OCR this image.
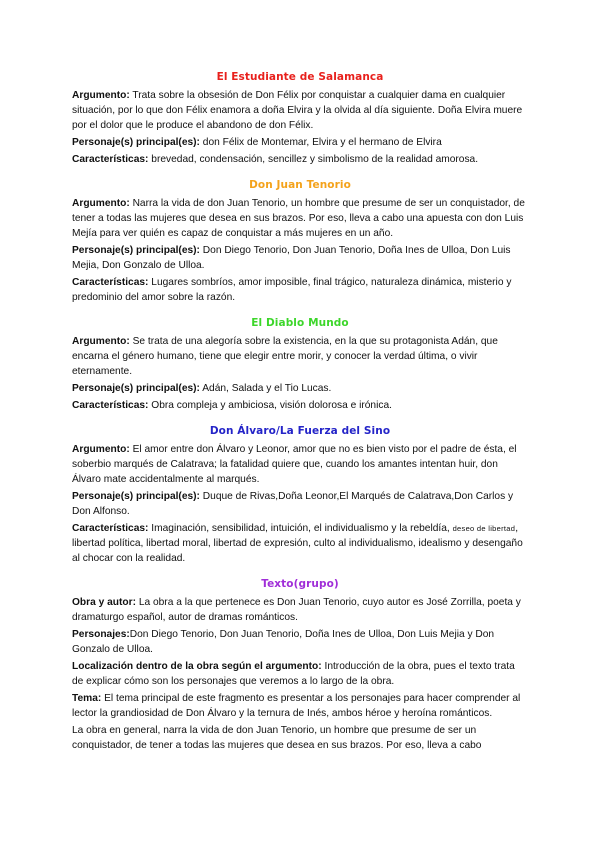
El Estudiante de Salamanca

Argumento: Trata sobre la obsesión de Don Félix por conquistar a cualquier dama en cualquier situación, por lo que don Félix enamora a doña Elvira y la olvida al día siguiente. Doña Elvira muere por el dolor que le produce el abandono de don Félix.

Personaje(s) principal(es): don Félix de Montemar, Elvira y el hermano de Elvira

Características: brevedad, condensación, sencillez y simbolismo de la realidad amorosa.

Don Juan Tenorio

Argumento: Narra la vida de don Juan Tenorio, un hombre que presume de ser un conquistador, de tener a todas las mujeres que desea en sus brazos. Por eso, lleva a cabo una apuesta con don Luis Mejía para ver quién es capaz de conquistar a más mujeres en un año.

Personaje(s) principal(es): Don Diego Tenorio, Don Juan Tenorio, Doña Ines de Ulloa, Don Luis Mejia, Don Gonzalo de Ulloa.

Características: Lugares sombríos, amor imposible, final trágico, naturaleza dinámica, misterio y predominio del amor sobre la razón.

El Diablo Mundo

Argumento: Se trata de una alegoría sobre la existencia, en la que su protagonista Adán, que encarna el género humano, tiene que elegir entre morir, y conocer la verdad última, o vivir eternamente.

Personaje(s) principal(es): Adán, Salada y el Tio Lucas.

Características: Obra compleja y ambiciosa, visión dolorosa e irónica.

Don Álvaro/La Fuerza del Sino

Argumento: El amor entre don Álvaro y Leonor, amor que no es bien visto por el padre de ésta, el soberbio marqués de Calatrava; la fatalidad quiere que, cuando los amantes intentan huir, don Álvaro mate accidentalmente al marqués.

Personaje(s) principal(es): Duque de Rivas,Doña Leonor,El Marqués de Calatrava,Don Carlos y Don Alfonso.

Características: Imaginación, sensibilidad, intuición, el individualismo y la rebeldía, deseo de libertad, libertad política, libertad moral, libertad de expresión, culto al individualismo, idealismo y desengaño al chocar con la realidad.

Texto(grupo)

Obra y autor: La obra a la que pertenece es Don Juan Tenorio, cuyo autor es José Zorrilla, poeta y dramaturgo español, autor de dramas románticos.

Personajes:Don Diego Tenorio, Don Juan Tenorio, Doña Ines de Ulloa, Don Luis Mejia y Don Gonzalo de Ulloa.

Localización dentro de la obra según el argumento: Introducción de la obra, pues el texto trata de explicar cómo son los personajes que veremos a lo largo de la obra.

Tema: El tema principal de este fragmento es presentar a los personajes para hacer comprender al lector la grandiosidad de Don Álvaro y la ternura de Inés, ambos héroe y heroína románticos.

La obra en general, narra la vida de don Juan Tenorio, un hombre que presume de ser un conquistador, de tener a todas las mujeres que desea en sus brazos. Por eso, lleva a cabo
